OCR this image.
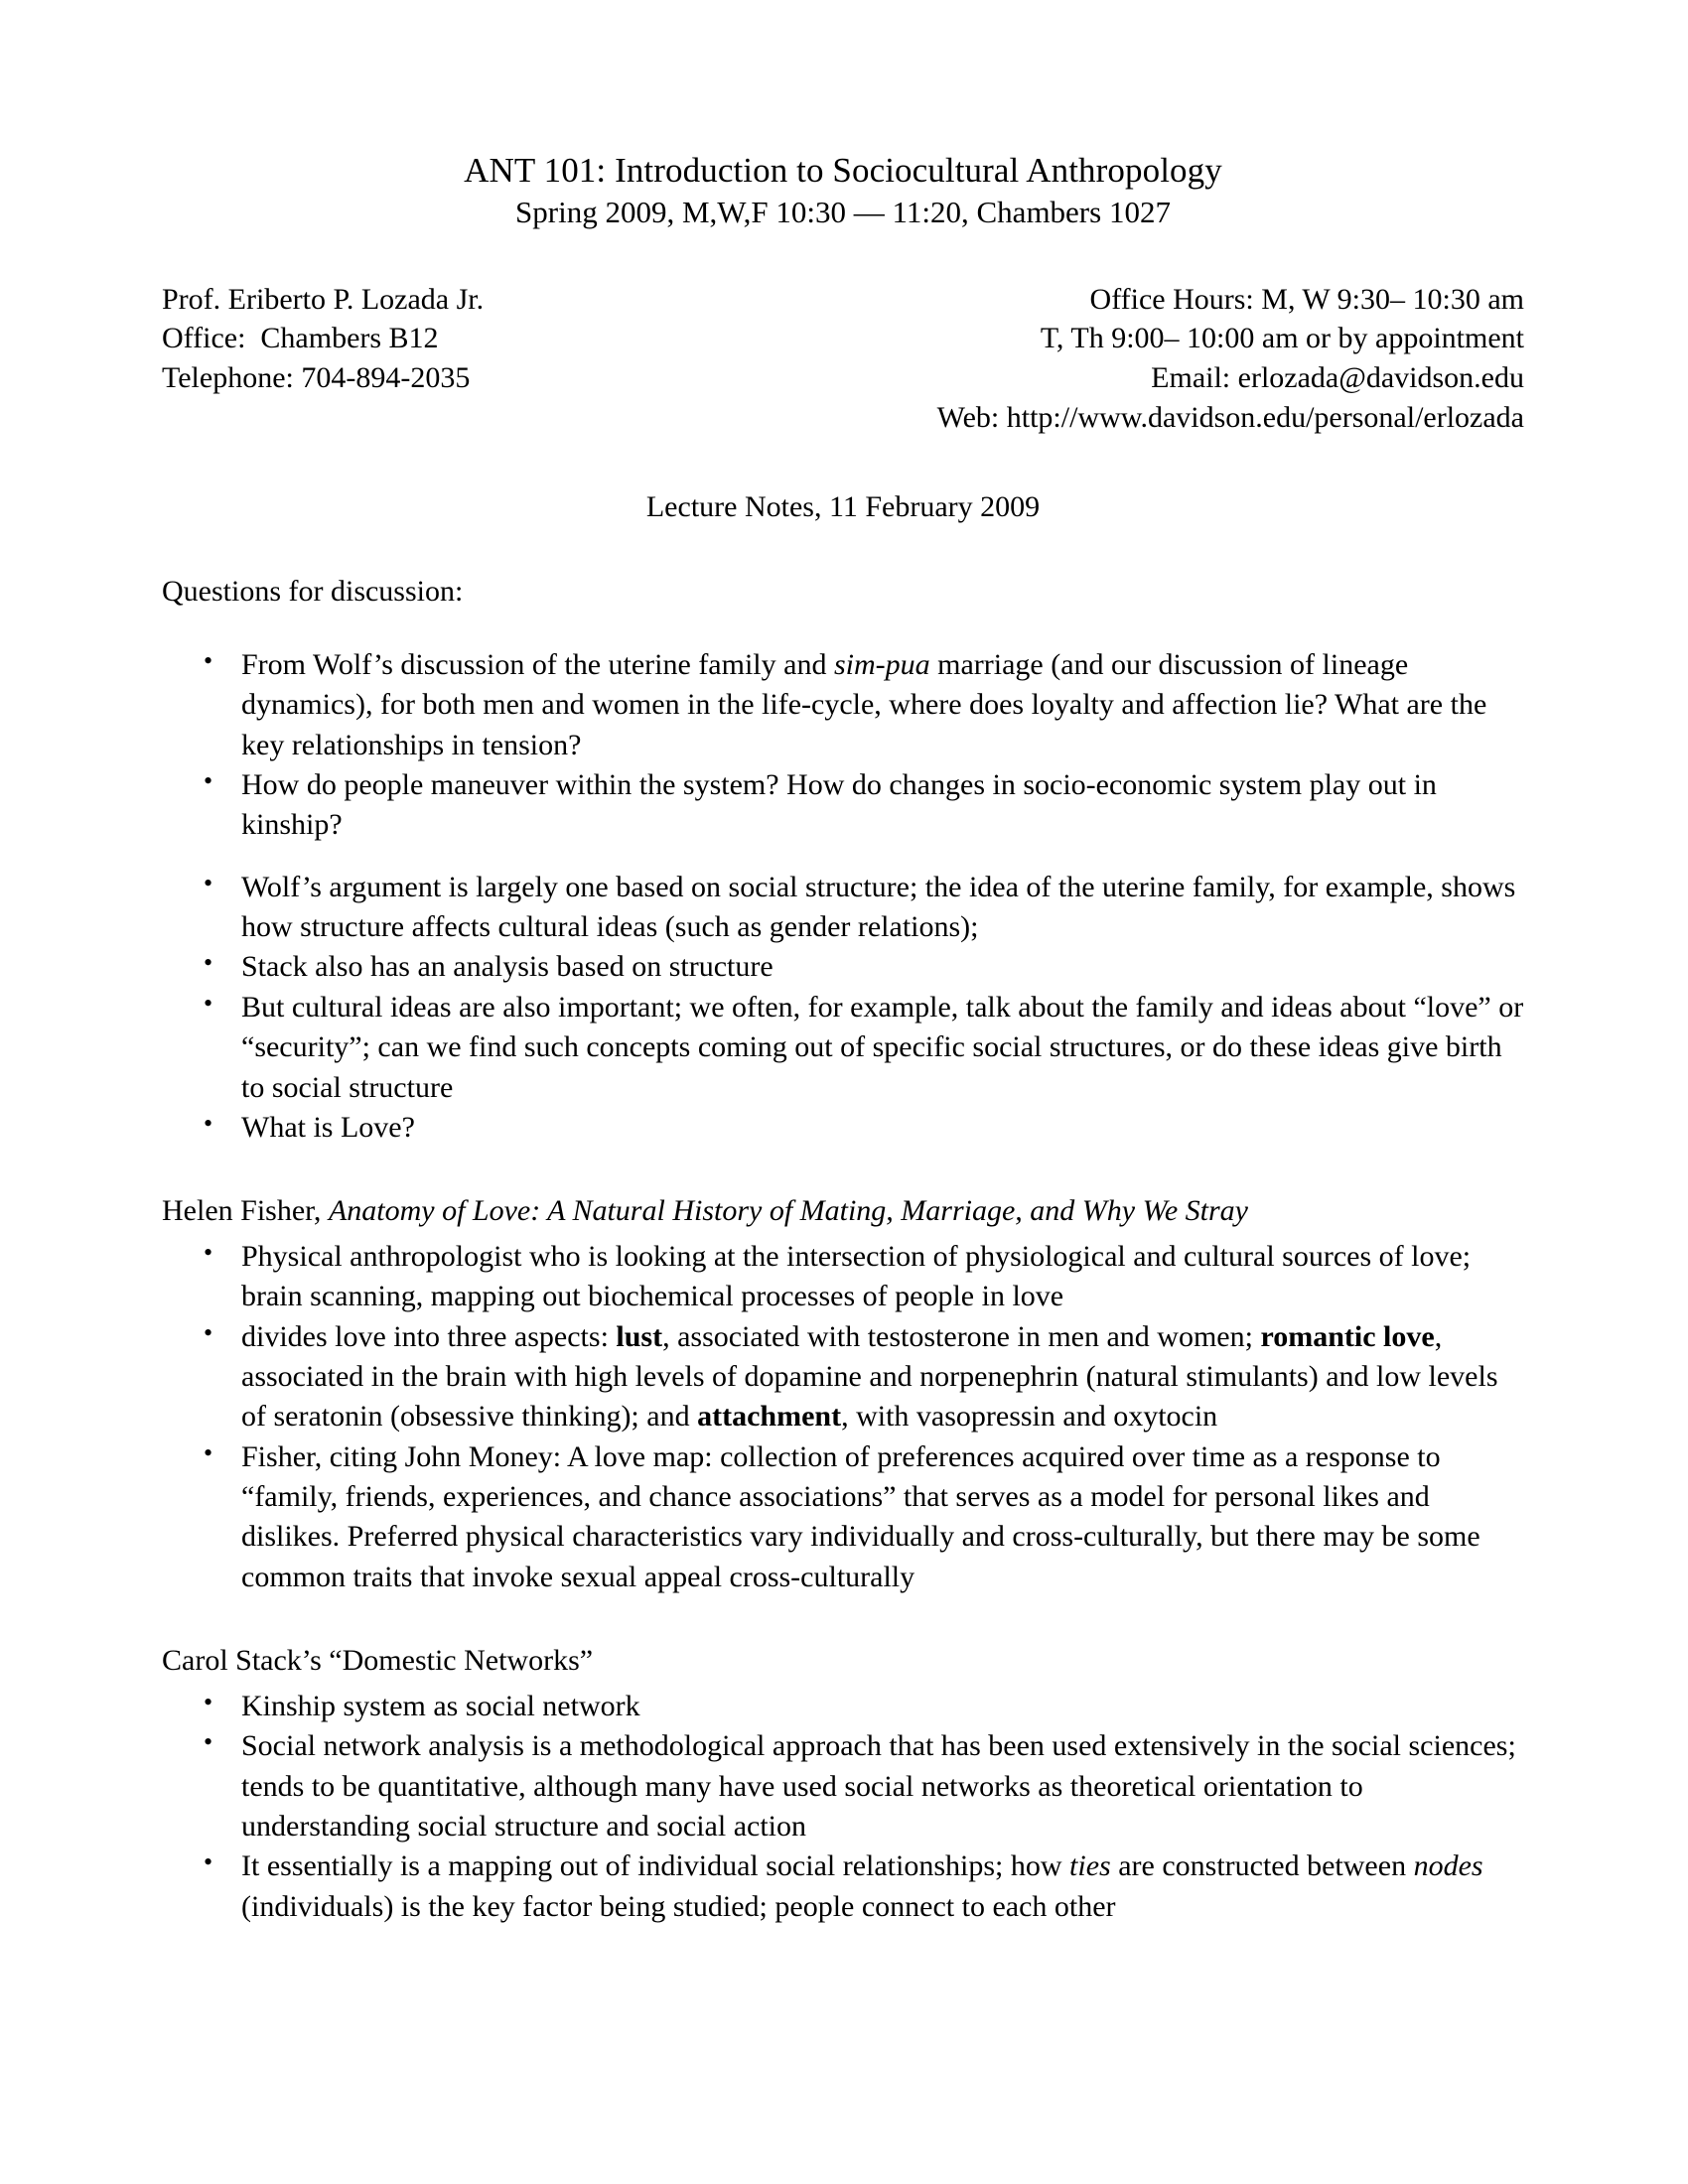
ANT 101: Introduction to Sociocultural Anthropology
Spring 2009, M,W,F 10:30 — 11:20, Chambers 1027
Prof. Eriberto P. Lozada Jr.
Office:  Chambers B12
Telephone: 704-894-2035
Office Hours: M, W 9:30– 10:30 am
T, Th 9:00– 10:00 am or by appointment
Email: erlozada@davidson.edu
Web: http://www.davidson.edu/personal/erlozada
Lecture Notes, 11 February 2009
Questions for discussion:
• From Wolf’s discussion of the uterine family and sim-pua marriage (and our discussion of lineage dynamics), for both men and women in the life-cycle, where does loyalty and affection lie? What are the key relationships in tension?
• How do people maneuver within the system? How do changes in socio-economic system play out in kinship?
• Wolf’s argument is largely one based on social structure; the idea of the uterine family, for example, shows how structure affects cultural ideas (such as gender relations);
• Stack also has an analysis based on structure
• But cultural ideas are also important; we often, for example, talk about the family and ideas about “love” or “security”; can we find such concepts coming out of specific social structures, or do these ideas give birth to social structure
• What is Love?
Helen Fisher, Anatomy of Love: A Natural History of Mating, Marriage, and Why We Stray
• Physical anthropologist who is looking at the intersection of physiological and cultural sources of love; brain scanning, mapping out biochemical processes of people in love
• divides love into three aspects: lust, associated with testosterone in men and women; romantic love, associated in the brain with high levels of dopamine and norpenephrin (natural stimulants) and low levels of seratonin (obsessive thinking); and attachment, with vasopressin and oxytocin
• Fisher, citing John Money: A love map: collection of preferences acquired over time as a response to “family, friends, experiences, and chance associations” that serves as a model for personal likes and dislikes. Preferred physical characteristics vary individually and cross-culturally, but there may be some common traits that invoke sexual appeal cross-culturally
Carol Stack’s “Domestic Networks”
• Kinship system as social network
• Social network analysis is a methodological approach that has been used extensively in the social sciences; tends to be quantitative, although many have used social networks as theoretical orientation to understanding social structure and social action
• It essentially is a mapping out of individual social relationships; how ties are constructed between nodes (individuals) is the key factor being studied; people connect to each other
